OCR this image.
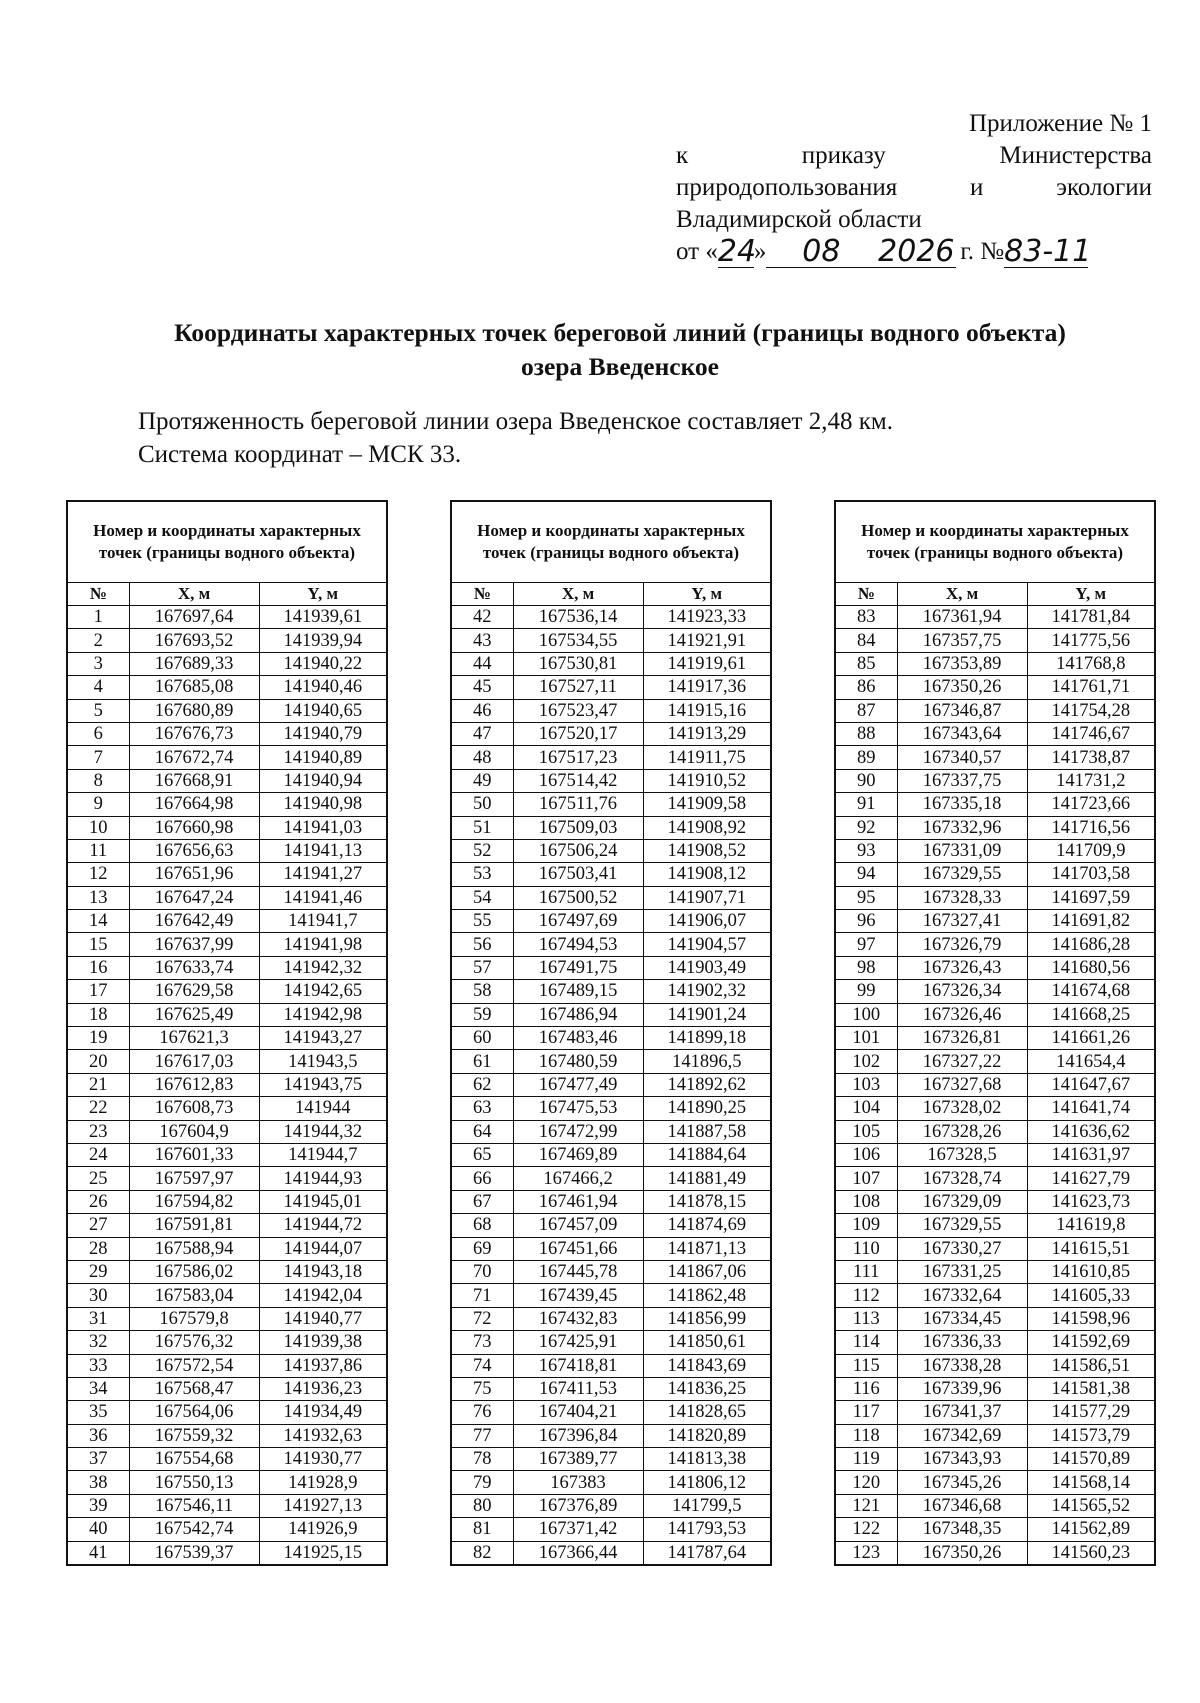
Приложение № 1
к	приказу	Министерства
природопользования	и	экологии
Владимирской области
от « 24
»	08	2026 г. № 83-11
Координаты характерных точек береговой линий (границы водного объекта)
озера Введенское
Протяженность береговой линии озера Введенское составляет 2,48 км.
Система координат – МСК 33.
Номер и координаты характерных точек (границы водного объекта)		
№	X, м	Y, м
1	167697,64	141939,61
2	167693,52	141939,94
3	167689,33	141940,22
4	167685,08	141940,46
5	167680,89	141940,65
6	167676,73	141940,79
7	167672,74	141940,89
8	167668,91	141940,94
9	167664,98	141940,98
10	167660,98	141941,03
11	167656,63	141941,13
12	167651,96	141941,27
13	167647,24	141941,46
14	167642,49	141941,7
15	167637,99	141941,98
16	167633,74	141942,32
17	167629,58	141942,65
18	167625,49	141942,98
19	167621,3	141943,27
20	167617,03	141943,5
21	167612,83	141943,75
22	167608,73	141944
23	167604,9	141944,32
24	167601,33	141944,7
25	167597,97	141944,93
26	167594,82	141945,01
27	167591,81	141944,72
28	167588,94	141944,07
29	167586,02	141943,18
30	167583,04	141942,04
31	167579,8	141940,77
32	167576,32	141939,38
33	167572,54	141937,86
34	167568,47	141936,23
35	167564,06	141934,49
36	167559,32	141932,63
37	167554,68	141930,77
38	167550,13	141928,9
39	167546,11	141927,13
40	167542,74	141926,9
41	167539,37	141925,15
Номер и координаты характерных точек (границы водного объекта)		
№	X, м	Y, м
42	167536,14	141923,33
43	167534,55	141921,91
44	167530,81	141919,61
45	167527,11	141917,36
46	167523,47	141915,16
47	167520,17	141913,29
48	167517,23	141911,75
49	167514,42	141910,52
50	167511,76	141909,58
51	167509,03	141908,92
52	167506,24	141908,52
53	167503,41	141908,12
54	167500,52	141907,71
55	167497,69	141906,07
56	167494,53	141904,57
57	167491,75	141903,49
58	167489,15	141902,32
59	167486,94	141901,24
60	167483,46	141899,18
61	167480,59	141896,5
62	167477,49	141892,62
63	167475,53	141890,25
64	167472,99	141887,58
65	167469,89	141884,64
66	167466,2	141881,49
67	167461,94	141878,15
68	167457,09	141874,69
69	167451,66	141871,13
70	167445,78	141867,06
71	167439,45	141862,48
72	167432,83	141856,99
73	167425,91	141850,61
74	167418,81	141843,69
75	167411,53	141836,25
76	167404,21	141828,65
77	167396,84	141820,89
78	167389,77	141813,38
79	167383	141806,12
80	167376,89	141799,5
81	167371,42	141793,53
82	167366,44	141787,64
Номер и координаты характерных точек (границы водного объекта)		
№	X, м	Y, м
83	167361,94	141781,84
84	167357,75	141775,56
85	167353,89	141768,8
86	167350,26	141761,71
87	167346,87	141754,28
88	167343,64	141746,67
89	167340,57	141738,87
90	167337,75	141731,2
91	167335,18	141723,66
92	167332,96	141716,56
93	167331,09	141709,9
94	167329,55	141703,58
95	167328,33	141697,59
96	167327,41	141691,82
97	167326,79	141686,28
98	167326,43	141680,56
99	167326,34	141674,68
100	167326,46	141668,25
101	167326,81	141661,26
102	167327,22	141654,4
103	167327,68	141647,67
104	167328,02	141641,74
105	167328,26	141636,62
106	167328,5	141631,97
107	167328,74	141627,79
108	167329,09	141623,73
109	167329,55	141619,8
110	167330,27	141615,51
111	167331,25	141610,85
112	167332,64	141605,33
113	167334,45	141598,96
114	167336,33	141592,69
115	167338,28	141586,51
116	167339,96	141581,38
117	167341,37	141577,29
118	167342,69	141573,79
119	167343,93	141570,89
120	167345,26	141568,14
121	167346,68	141565,52
122	167348,35	141562,89
123	167350,26	141560,23
